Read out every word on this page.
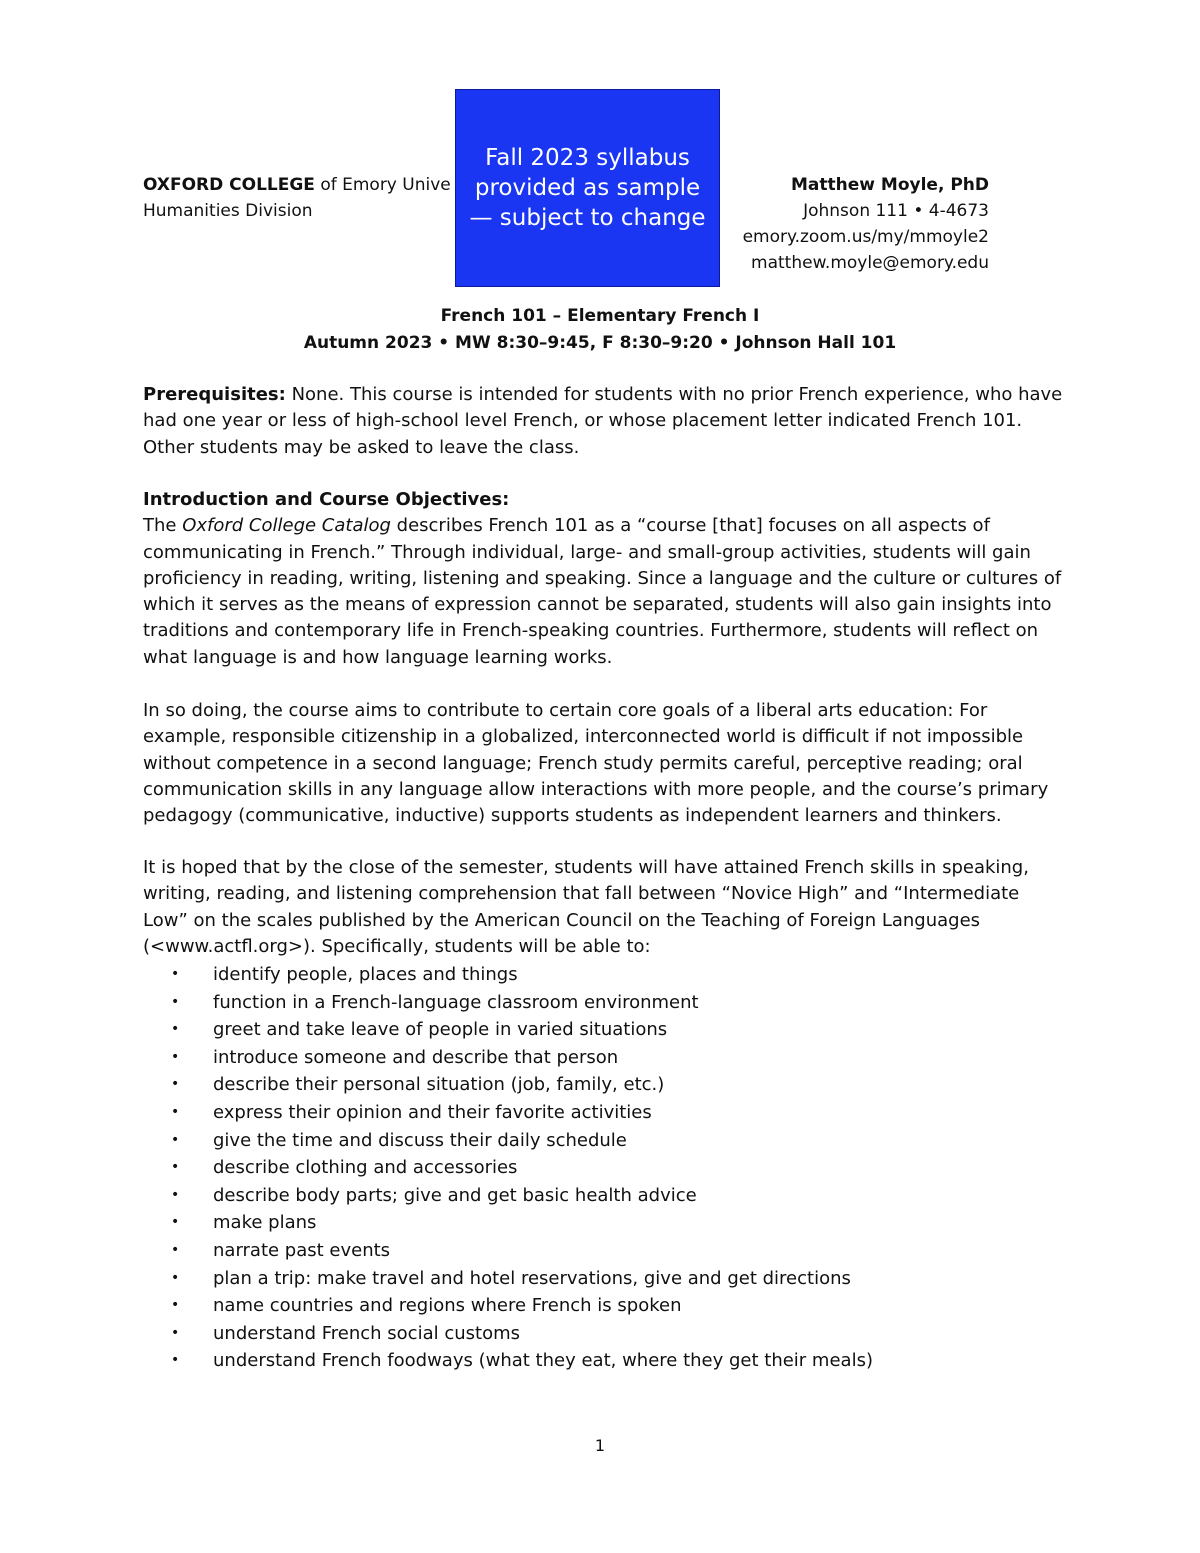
OXFORD COLLEGE of Emory Unive
Humanities Division
Matthew Moyle, PhD
Johnson 111 • 4-4673
emory.zoom.us/my/mmoyle2
matthew.moyle@emory.edu
Fall 2023 syllabus provided as sample — subject to change
French 101 – Elementary French I
Autumn 2023 • MW 8:30–9:45, F 8:30–9:20 • Johnson Hall 101

Prerequisites: None. This course is intended for students with no prior French experience, who have had one year or less of high-school level French, or whose placement letter indicated French 101. Other students may be asked to leave the class.

Introduction and Course Objectives:

The Oxford College Catalog describes French 101 as a “course [that] focuses on all aspects of communicating in French.” Through individual, large- and small-group activities, students will gain proficiency in reading, writing, listening and speaking. Since a language and the culture or cultures of which it serves as the means of expression cannot be separated, students will also gain insights into traditions and contemporary life in French-speaking countries. Furthermore, students will reflect on what language is and how language learning works.

In so doing, the course aims to contribute to certain core goals of a liberal arts education: For example, responsible citizenship in a globalized, interconnected world is difficult if not impossible without competence in a second language; French study permits careful, perceptive reading; oral communication skills in any language allow interactions with more people, and the course’s primary pedagogy (communicative, inductive) supports students as independent learners and thinkers.
It is hoped that by the close of the semester, students will have attained French skills in speaking, writing, reading, and listening comprehension that fall between “Novice High” and “Intermediate Low” on the scales published by the American Council on the Teaching of Foreign Languages (<www.actfl.org>). Specifically, students will be able to:
• identify people, places and things
• function in a French-language classroom environment
• greet and take leave of people in varied situations
• introduce someone and describe that person
• describe their personal situation (job, family, etc.)
• express their opinion and their favorite activities
• give the time and discuss their daily schedule
• describe clothing and accessories
• describe body parts; give and get basic health advice
• make plans
• narrate past events
• plan a trip: make travel and hotel reservations, give and get directions
• name countries and regions where French is spoken
• understand French social customs
• understand French foodways (what they eat, where they get their meals)
1
